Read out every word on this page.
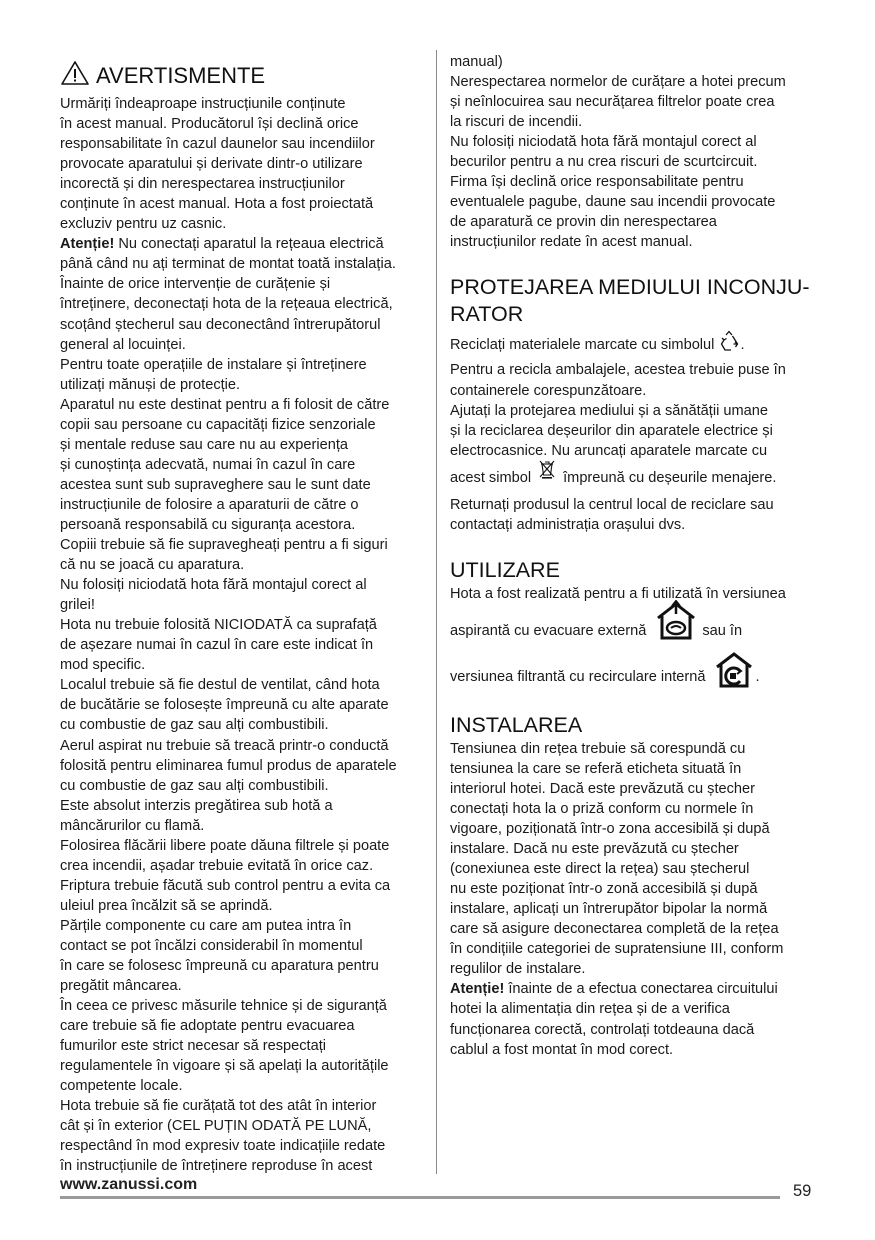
AVERTISMENTE

Urmăriți îndeaproape instrucțiunile conținute

în acest manual. Producătorul își declină orice

responsabilitate în cazul daunelor sau incendiilor

provocate aparatului și derivate dintr-o utilizare

incorectă și din nerespectarea instrucțiunilor

conținute în acest manual. Hota a fost proiectată

excluziv pentru uz casnic.

Atenție! Nu conectați aparatul la rețeaua electrică

până când nu ați terminat de montat toată instalația.

Înainte de orice intervenție de curățenie și

întreținere, deconectați hota de la rețeaua electrică,

scoțând ștecherul sau deconectând întrerupătorul

general al locuinței.

Pentru toate operațiile de instalare și întreținere

utilizați mănuși de protecție.

Aparatul nu este destinat pentru a fi folosit de către

copii sau persoane cu capacități fizice senzoriale

și mentale reduse sau care nu au experiența

și cunoștința adecvată, numai în cazul în care

acestea sunt sub supraveghere sau le sunt date

instrucțiunile de folosire a aparaturii de către o

persoană responsabilă cu siguranța acestora.

Copiii trebuie să fie supravegheați pentru a fi siguri

că nu se joacă cu aparatura.

Nu folosiți niciodată hota fără montajul corect al

grilei!

Hota nu trebuie folosită NICIODATĂ ca suprafață

de așezare numai în cazul în care este indicat în

mod specific.

Localul trebuie să fie destul de ventilat, când hota

de bucătărie se folosește împreună cu alte aparate

cu combustie de gaz sau alți combustibili.

Aerul aspirat nu trebuie să treacă printr-o conductă

folosită pentru eliminarea fumul produs de aparatele

cu combustie de gaz sau alți combustibili.

Este absolut interzis pregătirea sub hotă a

mâncărurilor cu flamă.

Folosirea flăcării libere poate dăuna filtrele și poate

crea incendii, așadar trebuie evitată în orice caz.

Friptura trebuie făcută sub control pentru a evita ca

uleiul prea încălzit să se aprindă.

Părțile componente cu care am putea intra în

contact se pot încălzi considerabil în momentul

în care se folosesc împreună cu aparatura pentru

pregătit mâncarea.

În ceea ce privesc măsurile tehnice și de siguranță

care trebuie să fie adoptate pentru evacuarea

fumurilor este strict necesar să respectați

regulamentele în vigoare și să apelați la autoritățile

competente locale.

Hota trebuie să fie curățată tot des atât în interior

cât și în exterior (CEL PUȚIN ODATĂ PE LUNĂ,

respectând în mod expresiv toate indicațiile redate

în instrucțiunile de întreținere reproduse în acest

manual)

Nerespectarea normelor de curățare a hotei precum

și neînlocuirea sau necurățarea filtrelor poate crea

la riscuri de incendii.

Nu folosiți niciodată hota fără montajul corect al

becurilor pentru a nu crea riscuri de scurtcircuit.

Firma își declină orice responsabilitate pentru

eventualele pagube, daune sau incendii provocate

de aparatură ce provin din nerespectarea

instrucțiunilor redate în acest manual.

PROTEJAREA MEDIULUI INCONJU-
RATOR

Reciclați materialele marcate cu simbolul .

Pentru a recicla ambalajele, acestea trebuie puse în

containerele corespunzătoare.

Ajutați la protejarea mediului și a sănătății umane

și la reciclarea deșeurilor din aparatele electrice și

electrocasnice. Nu aruncați aparatele marcate cu

acest simbol împreună cu deșeurile menajere.

Returnați produsul la centrul local de reciclare sau

contactați administrația orașului dvs.

UTILIZARE

Hota a fost realizată pentru a fi utilizată în versiunea

aspirantă cu evacuare externă	sau în

versiunea filtrantă cu recirculare internă	.

INSTALAREA

Tensiunea din rețea trebuie să corespundă cu

tensiunea la care se referă eticheta situată în

interiorul hotei. Dacă este prevăzută cu ștecher

conectați hota la o priză conform cu normele în

vigoare, poziționată într-o zona accesibilă și după

instalare. Dacă nu este prevăzută cu ștecher

(conexiunea este direct la rețea) sau ștecherul

nu este poziționat într-o zonă accesibilă și după

instalare, aplicați un întrerupător bipolar la normă

care să asigure deconectarea completă de la rețea

în condițiile categoriei de supratensiune III, conform

regulilor de instalare.

Atenție! înainte de a efectua conectarea circuitului

hotei la alimentația din rețea și de a verifica

funcționarea corectă, controlați totdeauna dacă

cablul a fost montat în mod corect.

www.zanussi.com	59
